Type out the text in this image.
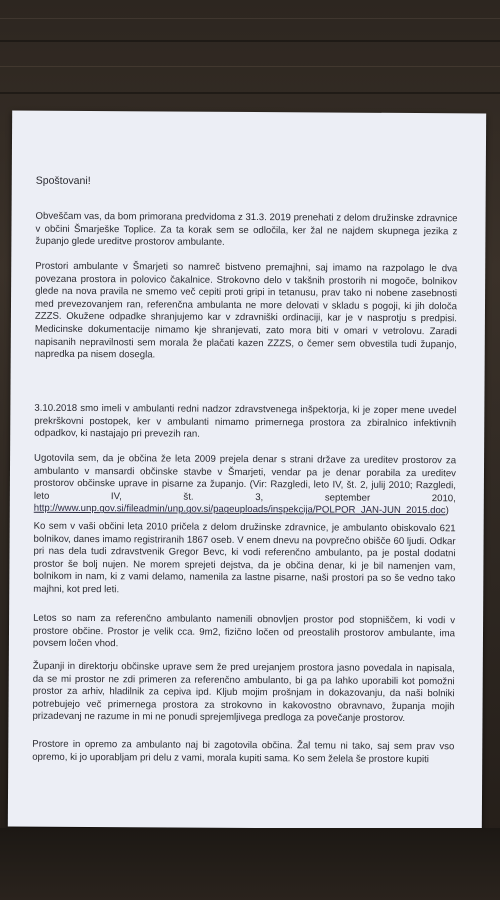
Spoštovani!

Obveščam vas, da bom primorana predvidoma z 31.3. 2019 prenehati z delom družinske zdravnice v občini Šmarješke Toplice. Za ta korak sem se odločila, ker žal ne najdem skupnega jezika z županjo glede ureditve prostorov ambulante.

Prostori ambulante v Šmarjeti so namreč bistveno premajhni, saj imamo na razpolago le dva povezana prostora in polovico čakalnice. Strokovno delo v takšnih prostorih ni mogoče, bolnikov glede na nova pravila ne smemo več cepiti proti gripi in tetanusu, prav tako ni nobene zasebnosti med prevezovanjem ran, referenčna ambulanta ne more delovati v skladu s pogoji, ki jih določa ZZZS. Okužene odpadke shranjujemo kar v zdravniški ordinaciji, kar je v nasprotju s predpisi. Medicinske dokumentacije nimamo kje shranjevati, zato mora biti v omari v vetrolovu. Zaradi napisanih nepravilnosti sem morala že plačati kazen ZZZS, o čemer sem obvestila tudi županjo, napredka pa nisem dosegla.

3.10.2018 smo imeli v ambulanti redni nadzor zdravstvenega inšpektorja, ki je zoper mene uvedel prekrškovni postopek, ker v ambulanti nimamo primernega prostora za zbiralnico infektivnih odpadkov, ki nastajajo pri prevezih ran.

Ugotovila sem, da je občina že leta 2009 prejela denar s strani države za ureditev prostorov za ambulanto v mansardi občinske stavbe v Šmarjeti, vendar pa je denar porabila za ureditev prostorov občinske uprave in pisarne za županjo. (Vir: Razgledi, leto IV, št. 2, julij 2010; Razgledi, leto IV, št. 3, september 2010, http://www.unp.gov.si/fileadmin/unp.gov.si/pageuploads/inspekcija/POLPOR_JAN-JUN_2015.doc)

Ko sem v vaši občini leta 2010 pričela z delom družinske zdravnice, je ambulanto obiskovalo 621 bolnikov, danes imamo registriranih 1867 oseb. V enem dnevu na povprečno obišče 60 ljudi. Odkar pri nas dela tudi zdravstvenik Gregor Bevc, ki vodi referenčno ambulanto, pa je postal dodatni prostor še bolj nujen. Ne morem sprejeti dejstva, da je občina denar, ki je bil namenjen vam, bolnikom in nam, ki z vami delamo, namenila za lastne pisarne, naši prostori pa so še vedno tako majhni, kot pred leti.

Letos so nam za referenčno ambulanto namenili obnovljen prostor pod stopniščem, ki vodi v prostore občine. Prostor je velik cca. 9m2, fizično ločen od preostalih prostorov ambulante, ima povsem ločen vhod.

Županji in direktorju občinske uprave sem že pred urejanjem prostora jasno povedala in napisala, da se mi prostor ne zdi primeren za referenčno ambulanto, bi ga pa lahko uporabili kot pomožni prostor za arhiv, hladilnik za cepiva ipd. Kljub mojim prošnjam in dokazovanju, da naši bolniki potrebujejo več primernega prostora za strokovno in kakovostno obravnavo, županja mojih prizadevanj ne razume in mi ne ponudi sprejemljivega predloga za povečanje prostorov.

Prostore in opremo za ambulanto naj bi zagotovila občina. Žal temu ni tako, saj sem prav vso opremo, ki jo uporabljam pri delu z vami, morala kupiti sama. Ko sem želela še prostore kupiti
